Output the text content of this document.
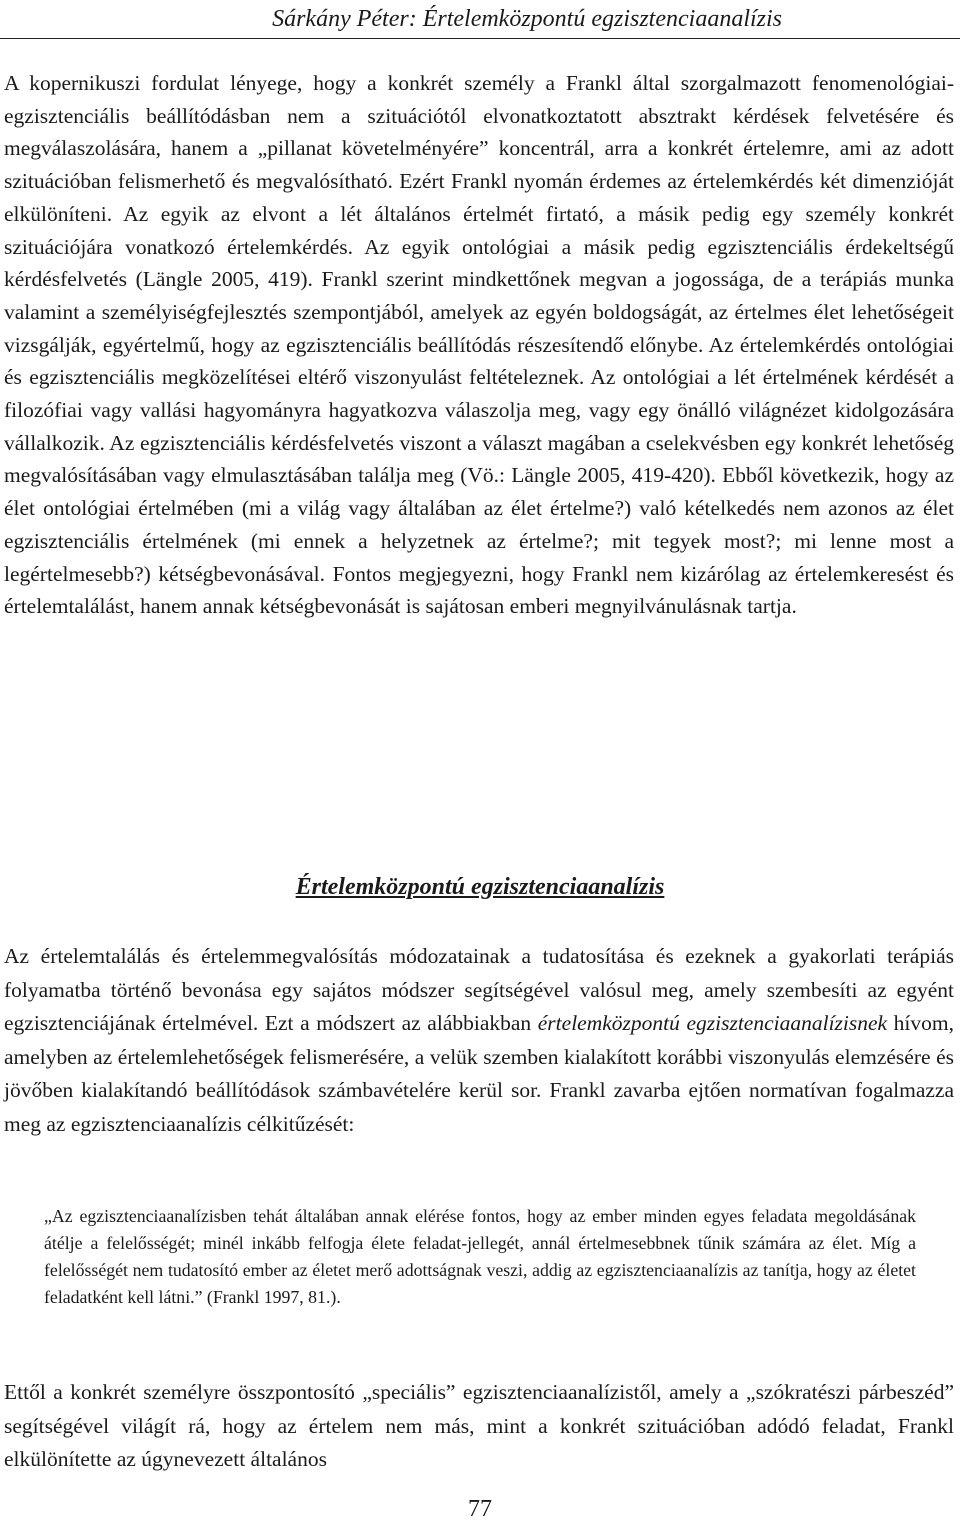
Sárkány Péter: Értelemközpontú egzisztenciaanalízis

A kopernikuszi fordulat lényege, hogy a konkrét személy a Frankl által szorgalmazott fenomenológiai-egzisztenciális beállítódásban nem a szituációtól elvonatkoztatott absztrakt kérdések felvetésére és megválaszolására, hanem a „pillanat követelményére” koncentrál, arra a konkrét értelemre, ami az adott szituációban felismerhető és megvalósítható. Ezért Frankl nyomán érdemes az értelemkérdés két dimenzióját elkülöníteni. Az egyik az elvont a lét általános értelmét firtató, a másik pedig egy személy konkrét szituációjára vonatkozó értelemkérdés. Az egyik ontológiai a másik pedig egzisztenciális érdekeltségű kérdésfelvetés (Längle 2005, 419). Frankl szerint mindkettőnek megvan a jogossága, de a terápiás munka valamint a személyiségfejlesztés szempontjából, amelyek az egyén boldogságát, az értelmes élet lehetőségeit vizsgálják, egyértelmű, hogy az egzisztenciális beállítódás részesítendő előnybe. Az értelemkérdés ontológiai és egzisztenciális megközelítései eltérő viszonyulást feltételeznek. Az ontológiai a lét értelmének kérdését a filozófiai vagy vallási hagyományra hagyatkozva válaszolja meg, vagy egy önálló világnézet kidolgozására vállalkozik. Az egzisztenciális kérdésfelvetés viszont a választ magában a cselekvésben egy konkrét lehetőség megvalósításában vagy elmulasztásában találja meg (Vö.: Längle 2005, 419-420). Ebből következik, hogy az élet ontológiai értelmében (mi a világ vagy általában az élet értelme?) való kételkedés nem azonos az élet egzisztenciális értelmének (mi ennek a helyzetnek az értelme?; mit tegyek most?; mi lenne most a legértelmesebb?) kétségbevonásával. Fontos megjegyezni, hogy Frankl nem kizárólag az értelemkeresést és értelemtalálást, hanem annak kétségbevonását is sajátosan emberi megnyilvánulásnak tartja.

Értelemközpontú egzisztenciaanalízis

Az értelemtalálás és értelemmegvalósítás módozatainak a tudatosítása és ezeknek a gyakorlati terápiás folyamatba történő bevonása egy sajátos módszer segítségével valósul meg, amely szembesíti az egyént egzisztenciájának értelmével. Ezt a módszert az alábbiakban értelemközpontú egzisztenciaanalízisnek hívom, amelyben az értelemlehetőségek felismerésére, a velük szemben kialakított korábbi viszonyulás elemzésére és jövőben kialakítandó beállítódások számbavételére kerül sor. Frankl zavarba ejtően normatívan fogalmazza meg az egzisztenciaanalízis célkitűzését:

„Az egzisztenciaanalízisben tehát általában annak elérése fontos, hogy az ember minden egyes feladata megoldásának átélje a felelősségét; minél inkább felfogja élete feladat-jellegét, annál értelmesebbnek tűnik számára az élet. Míg a felelősségét nem tudatosító ember az életet merő adottságnak veszi, addig az egzisztenciaanalízis az tanítja, hogy az életet feladatként kell látni.” (Frankl 1997, 81.).

Ettől a konkrét személyre összpontosító „speciális” egzisztenciaanalízistől, amely a „szókratészi párbeszéd” segítségével világít rá, hogy az értelem nem más, mint a konkrét szituációban adódó feladat, Frankl elkülönítette az úgynevezett általános

77
